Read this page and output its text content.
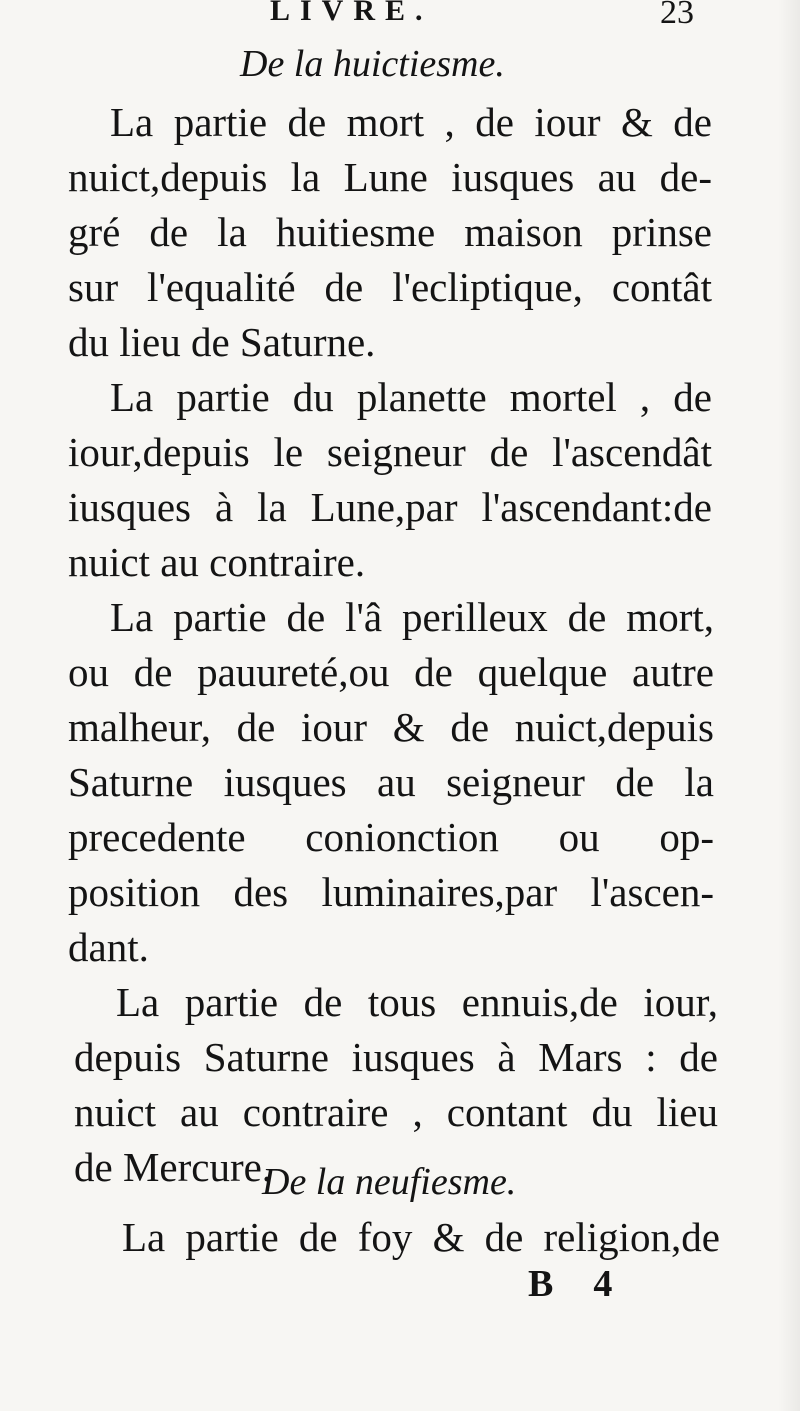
LIVRE.	23
De la huictiesme.
La partie de mort , de iour & de
nuict,depuis la Lune iusques au de-
gré de la huitiesme maison prinse
sur l'equalité de l'ecliptique, contât
du lieu de Saturne.
La partie du planette mortel , de
iour,depuis le seigneur de l'ascendât
iusques à la Lune,par l'ascendant:de
nuict au contraire.
La partie de l'â perilleux de mort,
ou de pauureté,ou de quelque autre
malheur, de iour & de nuict,depuis
Saturne iusques au seigneur de la
precedente conionction ou op-
position des luminaires,par l'ascen-
dant.
La partie de tous ennuis,de iour,
depuis Saturne iusques à Mars : de
nuict au contraire , contant du lieu
de Mercure.
De la neufiesme.
La partie de foy & de religion,de
B 4
